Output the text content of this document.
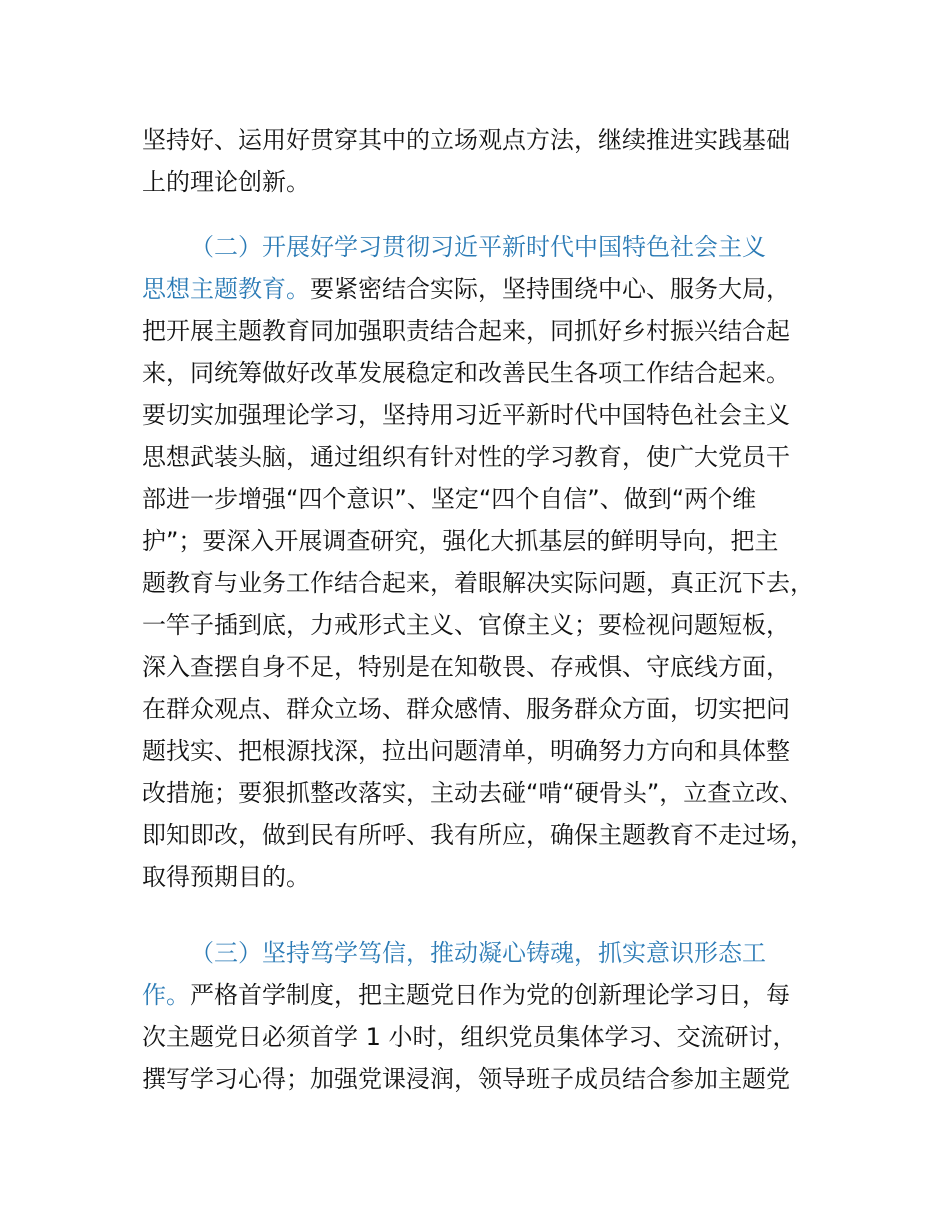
坚持好、运用好贯穿其中的立场观点方法，继续推进实践基础
上的理论创新。
（二）开展好学习贯彻习近平新时代中国特色社会主义
思想主题教育。要紧密结合实际，坚持围绕中心、服务大局，
把开展主题教育同加强职责结合起来，同抓好乡村振兴结合起
来，同统筹做好改革发展稳定和改善民生各项工作结合起来。
要切实加强理论学习，坚持用习近平新时代中国特色社会主义
思想武装头脑，通过组织有针对性的学习教育，使广大党员干
部进一步增强“四个意识”、坚定“四个自信”、做到“两个维
护”；要深入开展调查研究，强化大抓基层的鲜明导向，把主
题教育与业务工作结合起来，着眼解决实际问题，真正沉下去，
一竿子插到底，力戒形式主义、官僚主义；要检视问题短板，
深入查摆自身不足，特别是在知敬畏、存戒惧、守底线方面，
在群众观点、群众立场、群众感情、服务群众方面，切实把问
题找实、把根源找深，拉出问题清单，明确努力方向和具体整
改措施；要狠抓整改落实，主动去碰“啃“硬骨头”，立查立改、
即知即改，做到民有所呼、我有所应，确保主题教育不走过场，
取得预期目的。
（三）坚持笃学笃信，推动凝心铸魂，抓实意识形态工
作。严格首学制度，把主题党日作为党的创新理论学习日，每
次主题党日必须首学 1 小时，组织党员集体学习、交流研讨，
撰写学习心得；加强党课浸润，领导班子成员结合参加主题党
